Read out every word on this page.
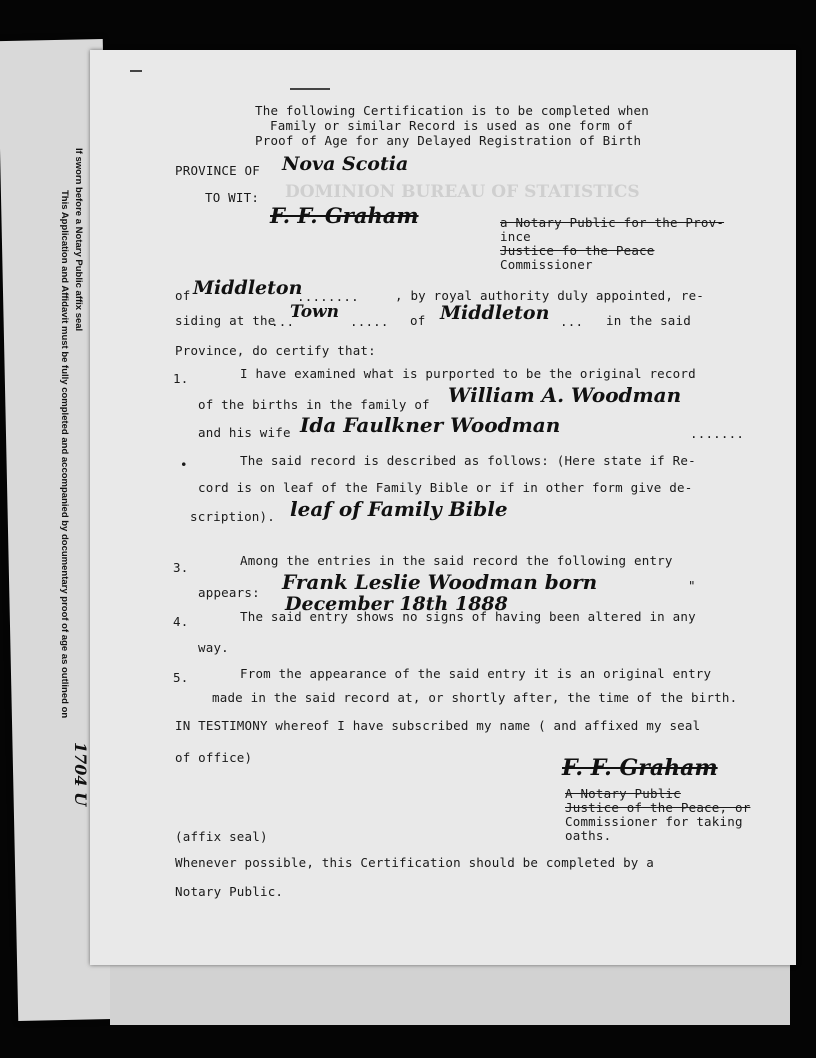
If sworn before a Notary Public affix seal
This Application and Affidavit must be fully completed and accompanied by documentary proof of age as outlined on
1704 U
DOMINION BUREAU OF STATISTICS
The following Certification is to be completed when
Family or similar Record is used as one form of
Proof of Age for any Delayed Registration of Birth
PROVINCE OF Nova Scotia
TO WIT:
F. F. Graham	a Notary Public for the Prov-
ince
Justice fo the Peace
Commissioner
of Middleton
........	, by royal authority duly appointed, re-
siding at the
...
Town ..... of Middleton ... in the said
Province, do certify that:
1.	I have examined what is purported to be the original record
of the births in the family of William A. Woodman
and his wife Ida Faulkner Woodman	.......
•	The said record is described as follows: (Here state if Re-
cord is on leaf of the Family Bible or if in other form give de-
scription). leaf of Family Bible
3.	Among the entries in the said record the following entry
appears: Frank Leslie Woodman born	"
December 18th 1888
4.	The said entry shows no signs of having been altered in any
way.
5.	From the appearance of the said entry it is an original entry
made in the said record at, or shortly after, the time of the birth.
IN TESTIMONY whereof I have subscribed my name ( and affixed my seal
of office)	F. F. Graham
A Notary Public
Justice of the Peace, or
Commissioner for taking
oaths.
(affix seal)
Whenever possible, this Certification should be completed by a
Notary Public.
